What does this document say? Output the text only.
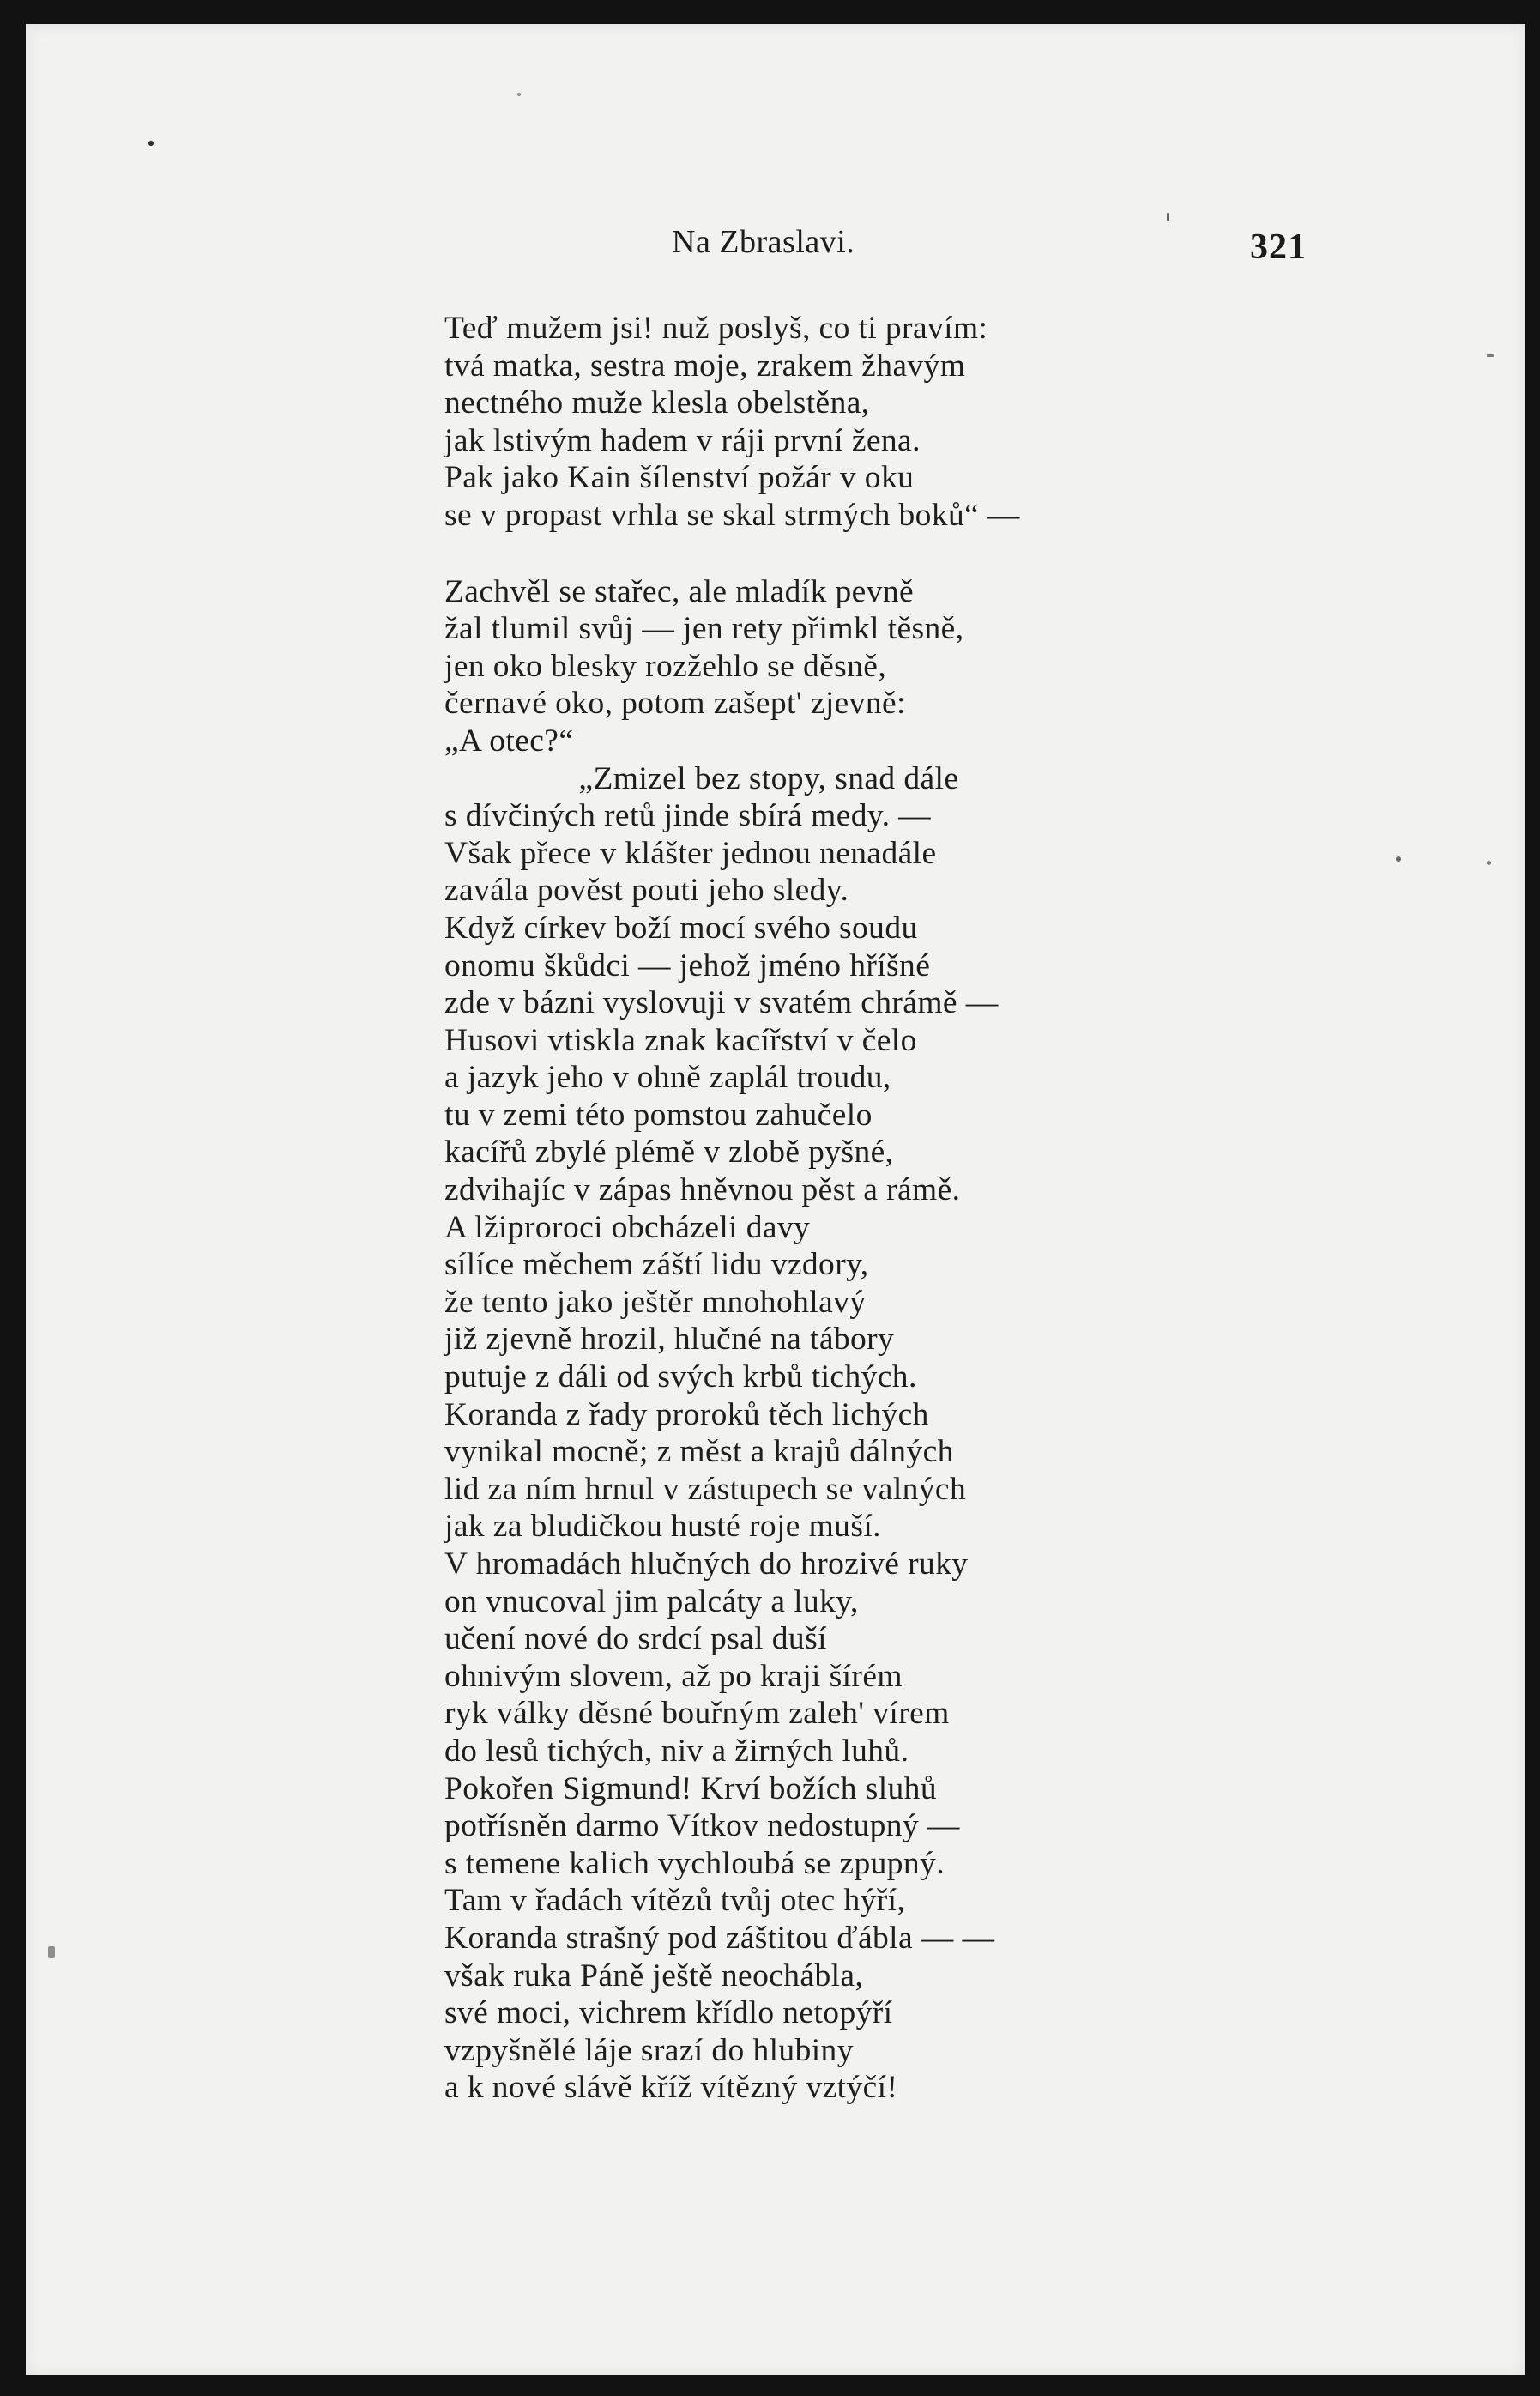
Na Zbraslavi.	321
Teď mužem jsi! nuž poslyš, co ti pravím:
tvá matka, sestra moje, zrakem žhavým
nectného muže klesla obelstěna,
jak lstivým hadem v ráji první žena.
Pak jako Kain šílenství požár v oku
se v propast vrhla se skal strmých boků“ —
Zachvěl se stařec, ale mladík pevně
žal tlumil svůj — jen rety přimkl těsně,
jen oko blesky rozžehlo se děsně,
černavé oko, potom zašept' zjevně:
„A otec?“
„Zmizel bez stopy, snad dále
s dívčiných retů jinde sbírá medy. —
Však přece v klášter jednou nenadále
zavála pověst pouti jeho sledy.
Když církev boží mocí svého soudu
onomu škůdci — jehož jméno hříšné
zde v bázni vyslovuji v svatém chrámě —
Husovi vtiskla znak kacířství v čelo
a jazyk jeho v ohně zaplál troudu,
tu v zemi této pomstou zahučelo
kacířů zbylé plémě v zlobě pyšné,
zdvihajíc v zápas hněvnou pěst a rámě.
A lžiproroci obcházeli davy
sílíce měchem záští lidu vzdory,
že tento jako ještěr mnohohlavý
již zjevně hrozil, hlučné na tábory
putuje z dáli od svých krbů tichých.
Koranda z řady proroků těch lichých
vynikal mocně; z měst a krajů dálných
lid za ním hrnul v zástupech se valných
jak za bludičkou husté roje muší.
V hromadách hlučných do hrozivé ruky
on vnucoval jim palcáty a luky,
učení nové do srdcí psal duší
ohnivým slovem, až po kraji šírém
ryk války děsné bouřným zaleh' vírem
do lesů tichých, niv a žirných luhů.
Pokořen Sigmund! Krví božích sluhů
potřísněn darmo Vítkov nedostupný —
s temene kalich vychloubá se zpupný.
Tam v řadách vítězů tvůj otec hýří,
Koranda strašný pod záštitou ďábla — —
však ruka Páně ještě neochábla,
své moci, vichrem křídlo netopýří
vzpyšnělé láje srazí do hlubiny
a k nové slávě kříž vítězný vztýčí!
